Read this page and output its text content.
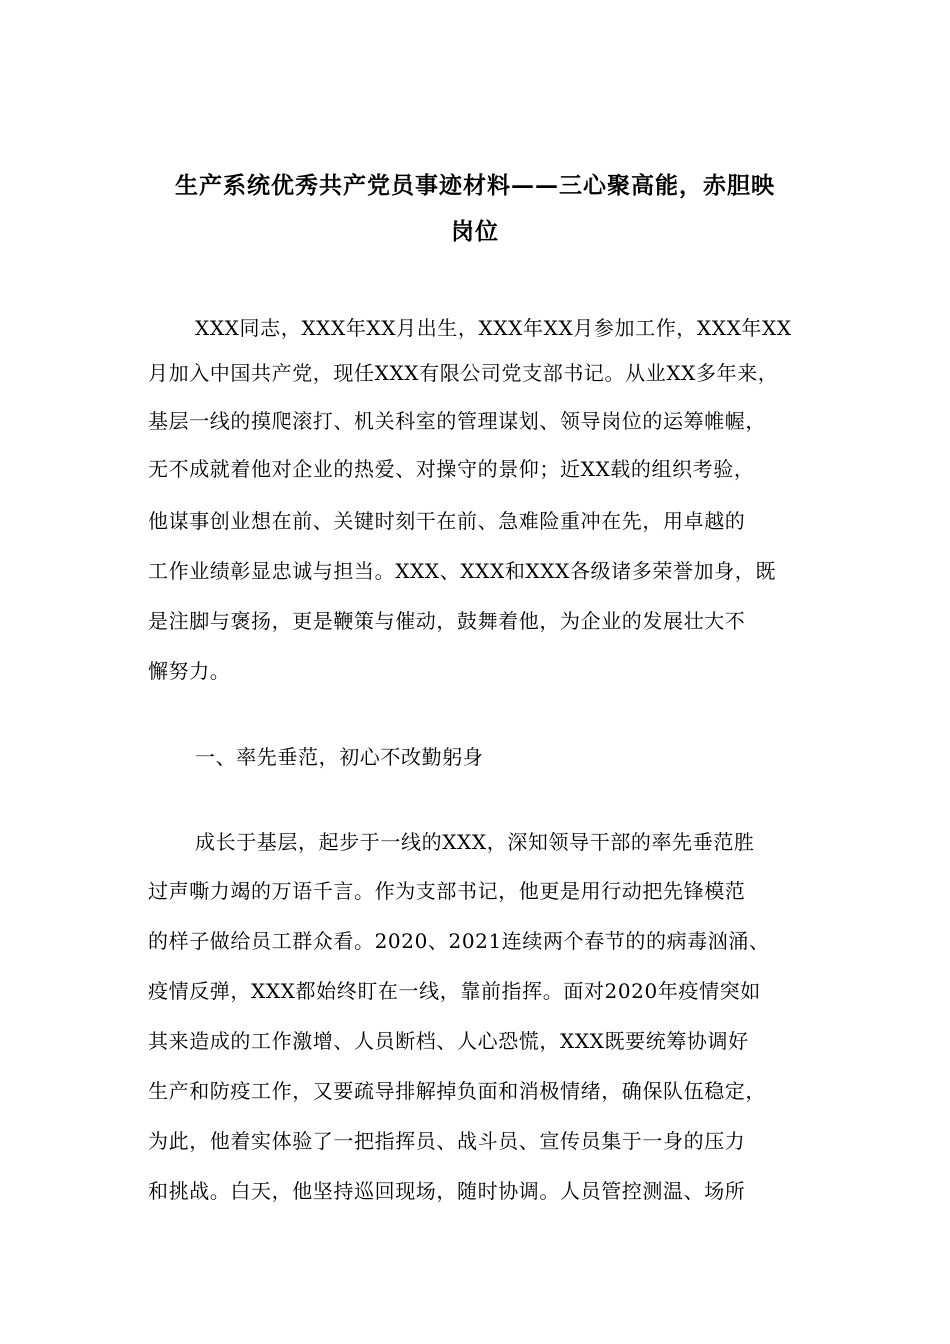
生产系统优秀共产党员事迹材料——三心聚高能，赤胆映
岗位
XXX同志，XXX年XX月出生，XXX年XX月参加工作，XXX年XX
月加入中国共产党，现任XXX有限公司党支部书记。从业XX多年来，
基层一线的摸爬滚打、机关科室的管理谋划、领导岗位的运筹帷幄，
无不成就着他对企业的热爱、对操守的景仰；近XX载的组织考验，
他谋事创业想在前、关键时刻干在前、急难险重冲在先，用卓越的
工作业绩彰显忠诚与担当。XXX、XXX和XXX各级诸多荣誉加身，既
是注脚与褒扬，更是鞭策与催动，鼓舞着他，为企业的发展壮大不
懈努力。
一、率先垂范，初心不改勤躬身
成长于基层，起步于一线的XXX，深知领导干部的率先垂范胜
过声嘶力竭的万语千言。作为支部书记，他更是用行动把先锋模范
的样子做给员工群众看。2020、2021连续两个春节的的病毒汹涌、
疫情反弹，XXX都始终盯在一线，靠前指挥。面对2020年疫情突如
其来造成的工作激增、人员断档、人心恐慌，XXX既要统筹协调好
生产和防疫工作，又要疏导排解掉负面和消极情绪，确保队伍稳定，
为此，他着实体验了一把指挥员、战斗员、宣传员集于一身的压力
和挑战。白天，他坚持巡回现场，随时协调。人员管控测温、场所
